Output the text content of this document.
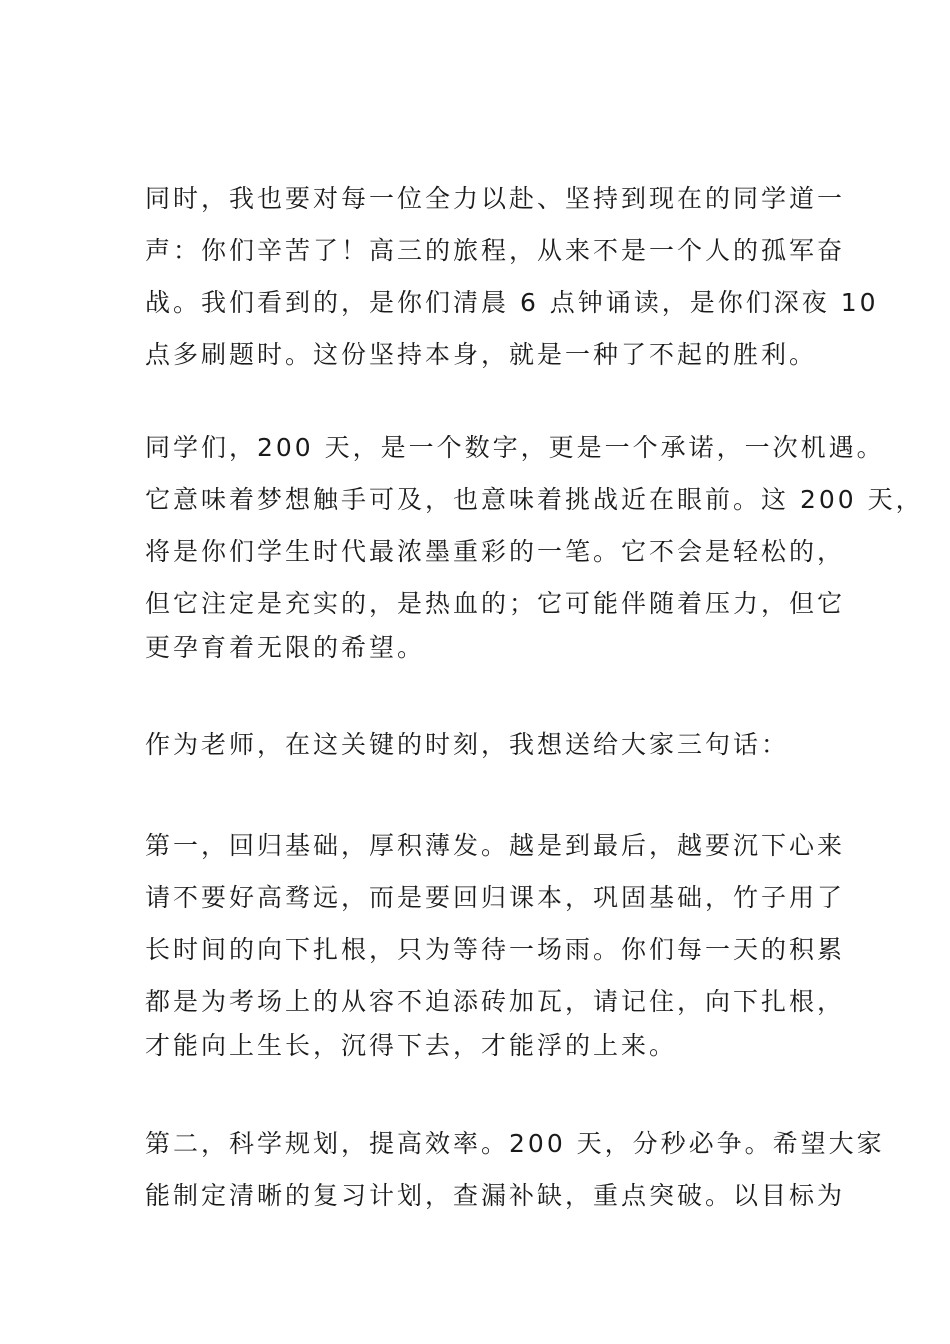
同时，我也要对每一位全力以赴、坚持到现在的同学道一
声：你们辛苦了！高三的旅程，从来不是一个人的孤军奋
战。我们看到的，是你们清晨 6 点钟诵读，是你们深夜 10
点多刷题时。这份坚持本身，就是一种了不起的胜利。
同学们，200 天，是一个数字，更是一个承诺，一次机遇。
它意味着梦想触手可及，也意味着挑战近在眼前。这 200 天，
将是你们学生时代最浓墨重彩的一笔。它不会是轻松的，
但它注定是充实的，是热血的；它可能伴随着压力，但它
更孕育着无限的希望。
作为老师，在这关键的时刻，我想送给大家三句话：
第一，回归基础，厚积薄发。越是到最后，越要沉下心来
请不要好高骛远，而是要回归课本，巩固基础，竹子用了
长时间的向下扎根，只为等待一场雨。你们每一天的积累
都是为考场上的从容不迫添砖加瓦，请记住，向下扎根，
才能向上生长，沉得下去，才能浮的上来。
第二，科学规划，提高效率。200 天，分秒必争。希望大家
能制定清晰的复习计划，查漏补缺，重点突破。以目标为
